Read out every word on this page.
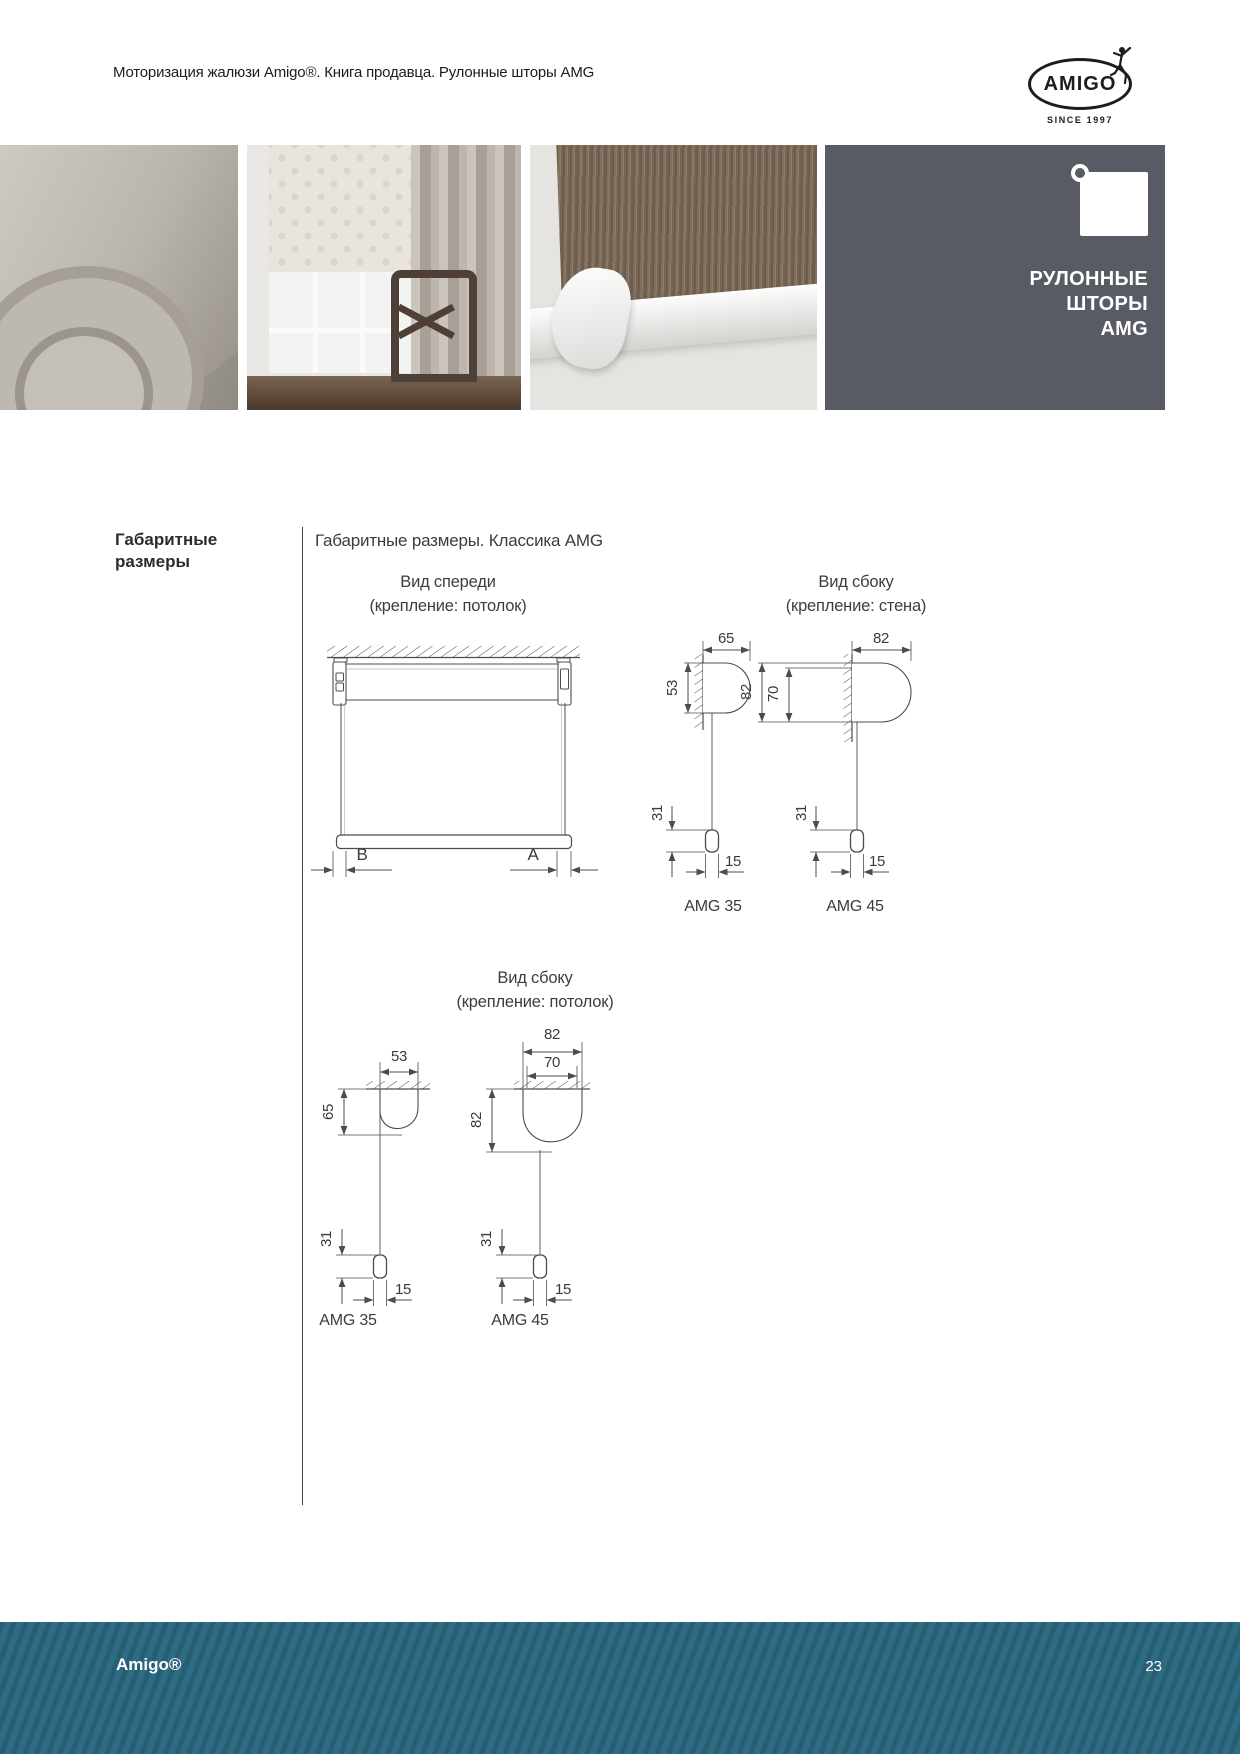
Моторизация жалюзи Amigo®. Книга продавца. Рулонные шторы AMG	AMIGO
SINCE 1997
РУЛОННЫЕ
ШТОРЫ
AMG
Габаритные
размеры
Габаритные размеры. Классика AMG
Вид спереди
(крепление: потолок)
Вид сбоку
(крепление: стена)
Вид сбоку
(крепление: потолок)
B	A
65
53
31
15
82
82 70
31
15
AMG 35	AMG 45
53
65
31
15
82
70
82
31
15
AMG 35	AMG 45
Amigo®	23
